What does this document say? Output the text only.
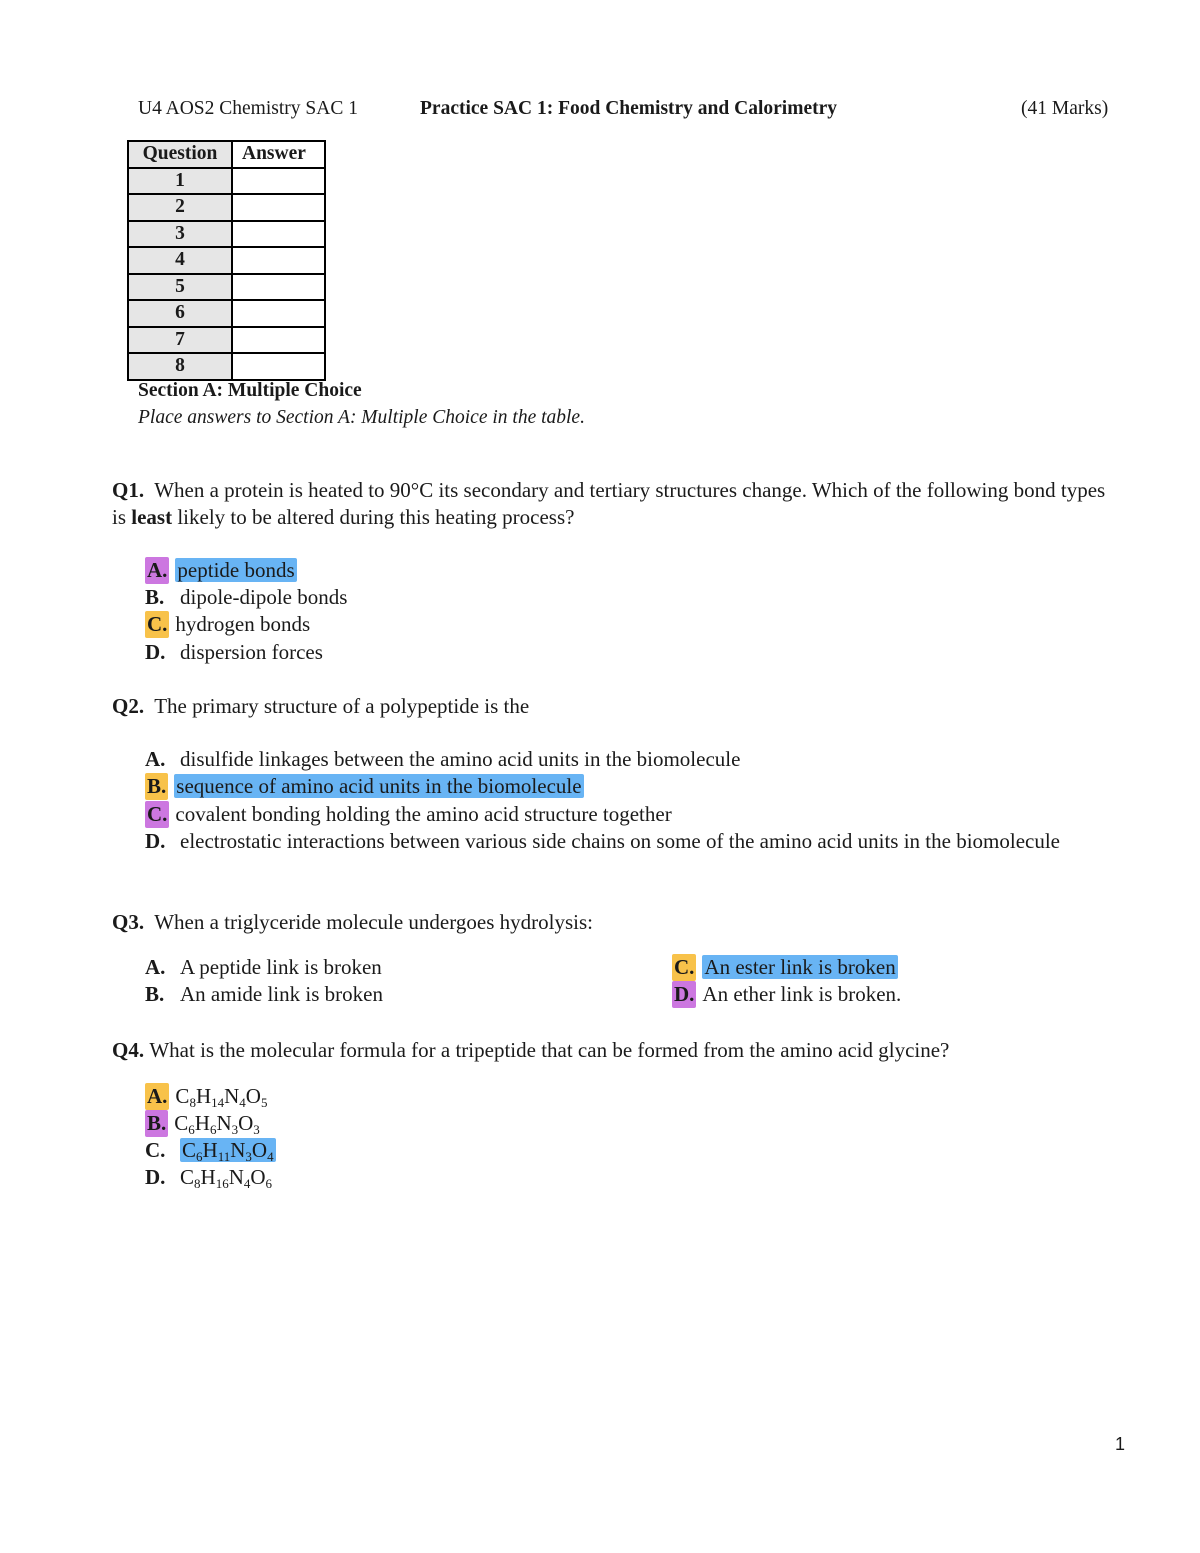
U4 AOS2 Chemistry SAC 1	Practice SAC 1: Food Chemistry and Calorimetry	(41 Marks)
Question	Answer
1	
2	
3	
4	
5	
6	
7	
8	
Section A: Multiple Choice
Place answers to Section A: Multiple Choice in the table.
Q1. When a protein is heated to 90°C its secondary and tertiary structures change. Which of the following bond types is least likely to be altered during this heating process?
A. peptide bonds
B. dipole-dipole bonds
C. hydrogen bonds
D. dispersion forces
Q2. The primary structure of a polypeptide is the
A. disulfide linkages between the amino acid units in the biomolecule
B. sequence of amino acid units in the biomolecule
C. covalent bonding holding the amino acid structure together
D. electrostatic interactions between various side chains on some of the amino acid units in the biomolecule
Q3. When a triglyceride molecule undergoes hydrolysis:
A. A peptide link is broken
B. An amide link is broken
C. An ester link is broken
D. An ether link is broken.
Q4. What is the molecular formula for a tripeptide that can be formed from the amino acid glycine?
A. $C_8H_{14}N_4O_5$
B. $C_6H_6N_3O_3$
C. $C_6H_{11}N_3O_4$
D. $C_8H_{16}N_4O_6$
1
